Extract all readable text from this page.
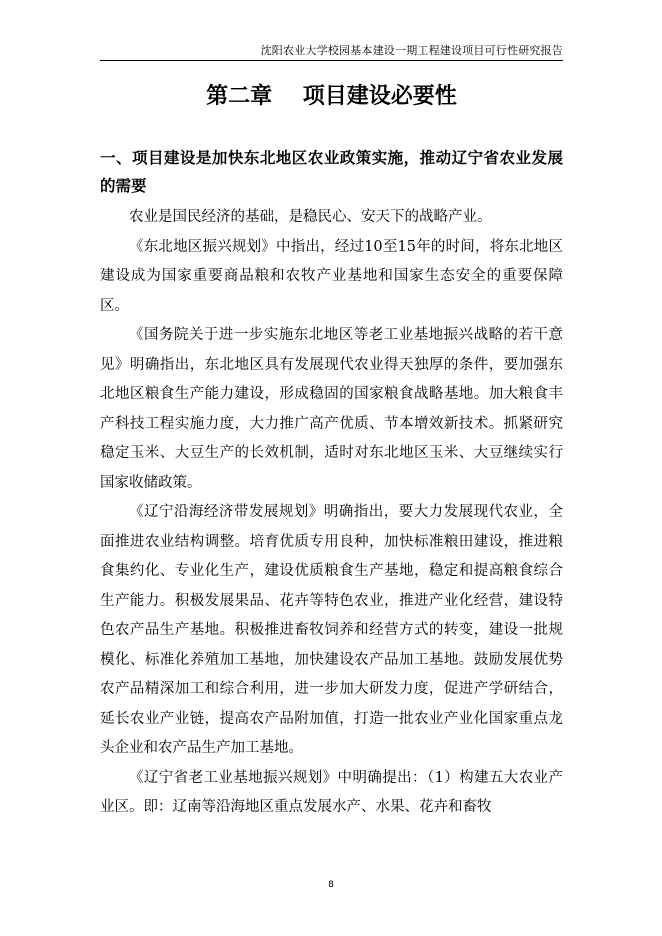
沈阳农业大学校园基本建设一期工程建设项目可行性研究报告
第二章    项目建设必要性
一、项目建设是加快东北地区农业政策实施，推动辽宁省农业发展的需要

农业是国民经济的基础，是稳民心、安天下的战略产业。

《东北地区振兴规划》中指出，经过10至15年的时间，将东北地区建设成为国家重要商品粮和农牧产业基地和国家生态安全的重要保障区。

《国务院关于进一步实施东北地区等老工业基地振兴战略的若干意见》明确指出，东北地区具有发展现代农业得天独厚的条件，要加强东北地区粮食生产能力建设，形成稳固的国家粮食战略基地。加大粮食丰产科技工程实施力度，大力推广高产优质、节本增效新技术。抓紧研究稳定玉米、大豆生产的长效机制，适时对东北地区玉米、大豆继续实行国家收储政策。

《辽宁沿海经济带发展规划》明确指出，要大力发展现代农业，全面推进农业结构调整。培育优质专用良种，加快标准粮田建设，推进粮食集约化、专业化生产，建设优质粮食生产基地，稳定和提高粮食综合生产能力。积极发展果品、花卉等特色农业，推进产业化经营，建设特色农产品生产基地。积极推进畜牧饲养和经营方式的转变，建设一批规模化、标准化养殖加工基地，加快建设农产品加工基地。鼓励发展优势农产品精深加工和综合利用，进一步加大研发力度，促进产学研结合，延长农业产业链，提高农产品附加值，打造一批农业产业化国家重点龙头企业和农产品生产加工基地。

《辽宁省老工业基地振兴规划》中明确提出：（1）构建五大农业产业区。即：辽南等沿海地区重点发展水产、水果、花卉和畜牧

8
